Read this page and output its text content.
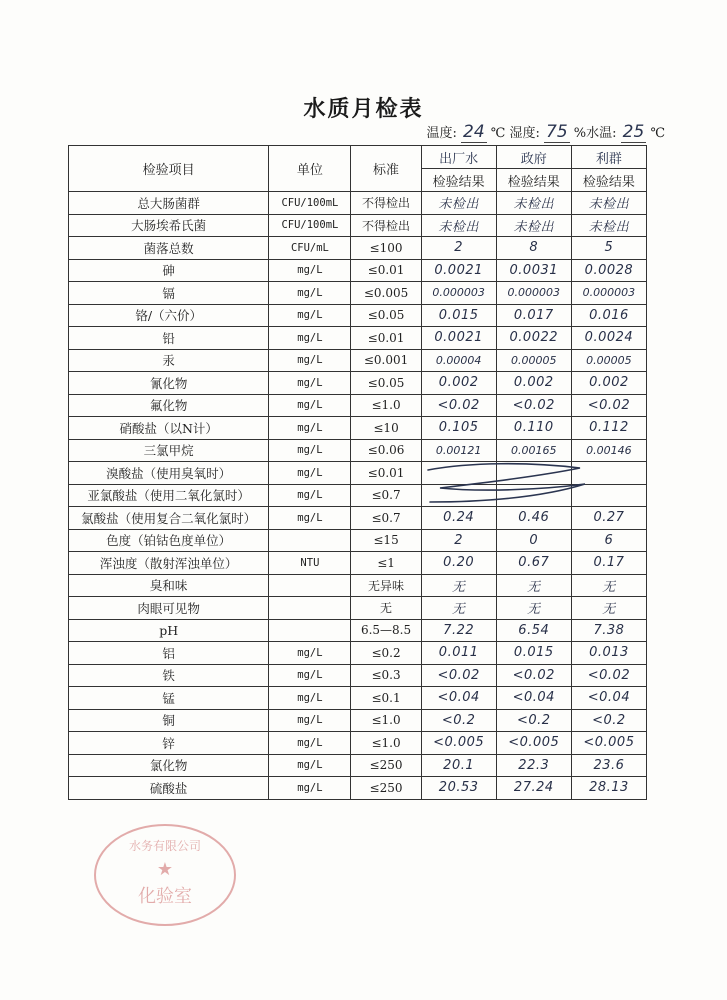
水质月检表
温度: 24 ℃ 湿度: 75 %水温: 25 ℃
检验项目	单位	标准	出厂水	政府	利群
			检验结果	检验结果	检验结果
总大肠菌群	CFU/100mL	不得检出	未检出	未检出	未检出
大肠埃希氏菌	CFU/100mL	不得检出	未检出	未检出	未检出
菌落总数	CFU/mL	≤100	2	8	5
砷	mg/L	≤0.01	0.0021	0.0031	0.0028
镉	mg/L	≤0.005	0.000003	0.000003	0.000003
铬/（六价）	mg/L	≤0.05	0.015	0.017	0.016
铅	mg/L	≤0.01	0.0021	0.0022	0.0024
汞	mg/L	≤0.001	0.00004	0.00005	0.00005
氰化物	mg/L	≤0.05	0.002	0.002	0.002
氟化物	mg/L	≤1.0	<0.02	<0.02	<0.02
硝酸盐（以N计）	mg/L	≤10	0.105	0.110	0.112
三氯甲烷	mg/L	≤0.06	0.00121	0.00165	0.00146
溴酸盐（使用臭氧时）	mg/L	≤0.01			
亚氯酸盐（使用二氧化氯时）	mg/L	≤0.7			
氯酸盐（使用复合二氧化氯时）	mg/L	≤0.7	0.24	0.46	0.27
色度（铂钴色度单位）		≤15	2	0	6
浑浊度（散射浑浊单位）	NTU	≤1	0.20	0.67	0.17
臭和味		无异味	无	无	无
肉眼可见物		无	无	无	无
pH		6.5—8.5	7.22	6.54	7.38
铝	mg/L	≤0.2	0.011	0.015	0.013
铁	mg/L	≤0.3	<0.02	<0.02	<0.02
锰	mg/L	≤0.1	<0.04	<0.04	<0.04
铜	mg/L	≤1.0	<0.2	<0.2	<0.2
锌	mg/L	≤1.0	<0.005	<0.005	<0.005
氯化物	mg/L	≤250	20.1	22.3	23.6
硫酸盐	mg/L	≤250	20.53	27.24	28.13
水务有限公司
★
化验室
